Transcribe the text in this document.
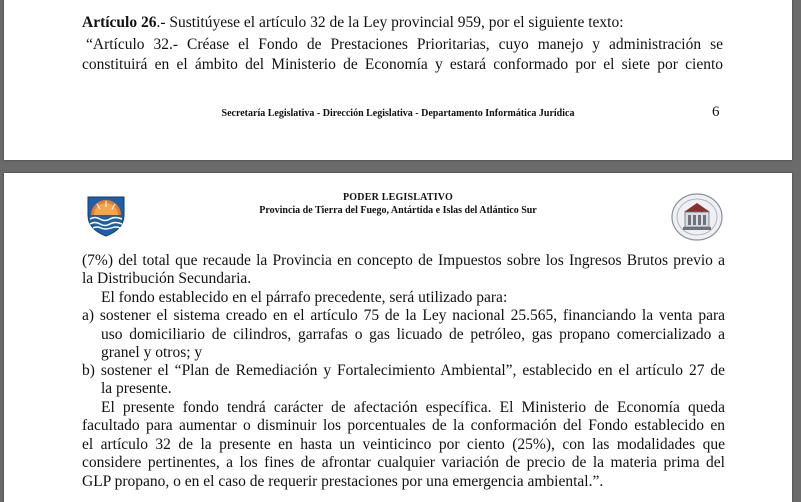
Artículo 26.- Sustitúyese el artículo 32 de la Ley provincial 959, por el siguiente texto:
“Artículo 32.- Créase el Fondo de Prestaciones Prioritarias, cuyo manejo y administración se
constituirá en el ámbito del Ministerio de Economía y estará conformado por el siete por ciento
Secretaría Legislativa - Dirección Legislativa - Departamento Informática Jurídica	6
PODER LEGISLATIVO
Provincia de Tierra del Fuego, Antártida e Islas del Atlántico Sur
(7%) del total que recaude la Provincia en concepto de Impuestos sobre los Ingresos Brutos previo a
la Distribución Secundaria.
El fondo establecido en el párrafo precedente, será utilizado para:
a) sostener el sistema creado en el artículo 75 de la Ley nacional 25.565, financiando la venta para
uso domiciliario de cilindros, garrafas o gas licuado de petróleo, gas propano comercializado a
granel y otros; y
b) sostener el “Plan de Remediación y Fortalecimiento Ambiental”, establecido en el artículo 27 de
la presente.
El presente fondo tendrá carácter de afectación específica. El Ministerio de Economía queda
facultado para aumentar o disminuir los porcentuales de la conformación del Fondo establecido en
el artículo 32 de la presente en hasta un veinticinco por ciento (25%), con las modalidades que
considere pertinentes, a los fines de afrontar cualquier variación de precio de la materia prima del
GLP propano, o en el caso de requerir prestaciones por una emergencia ambiental.”.
